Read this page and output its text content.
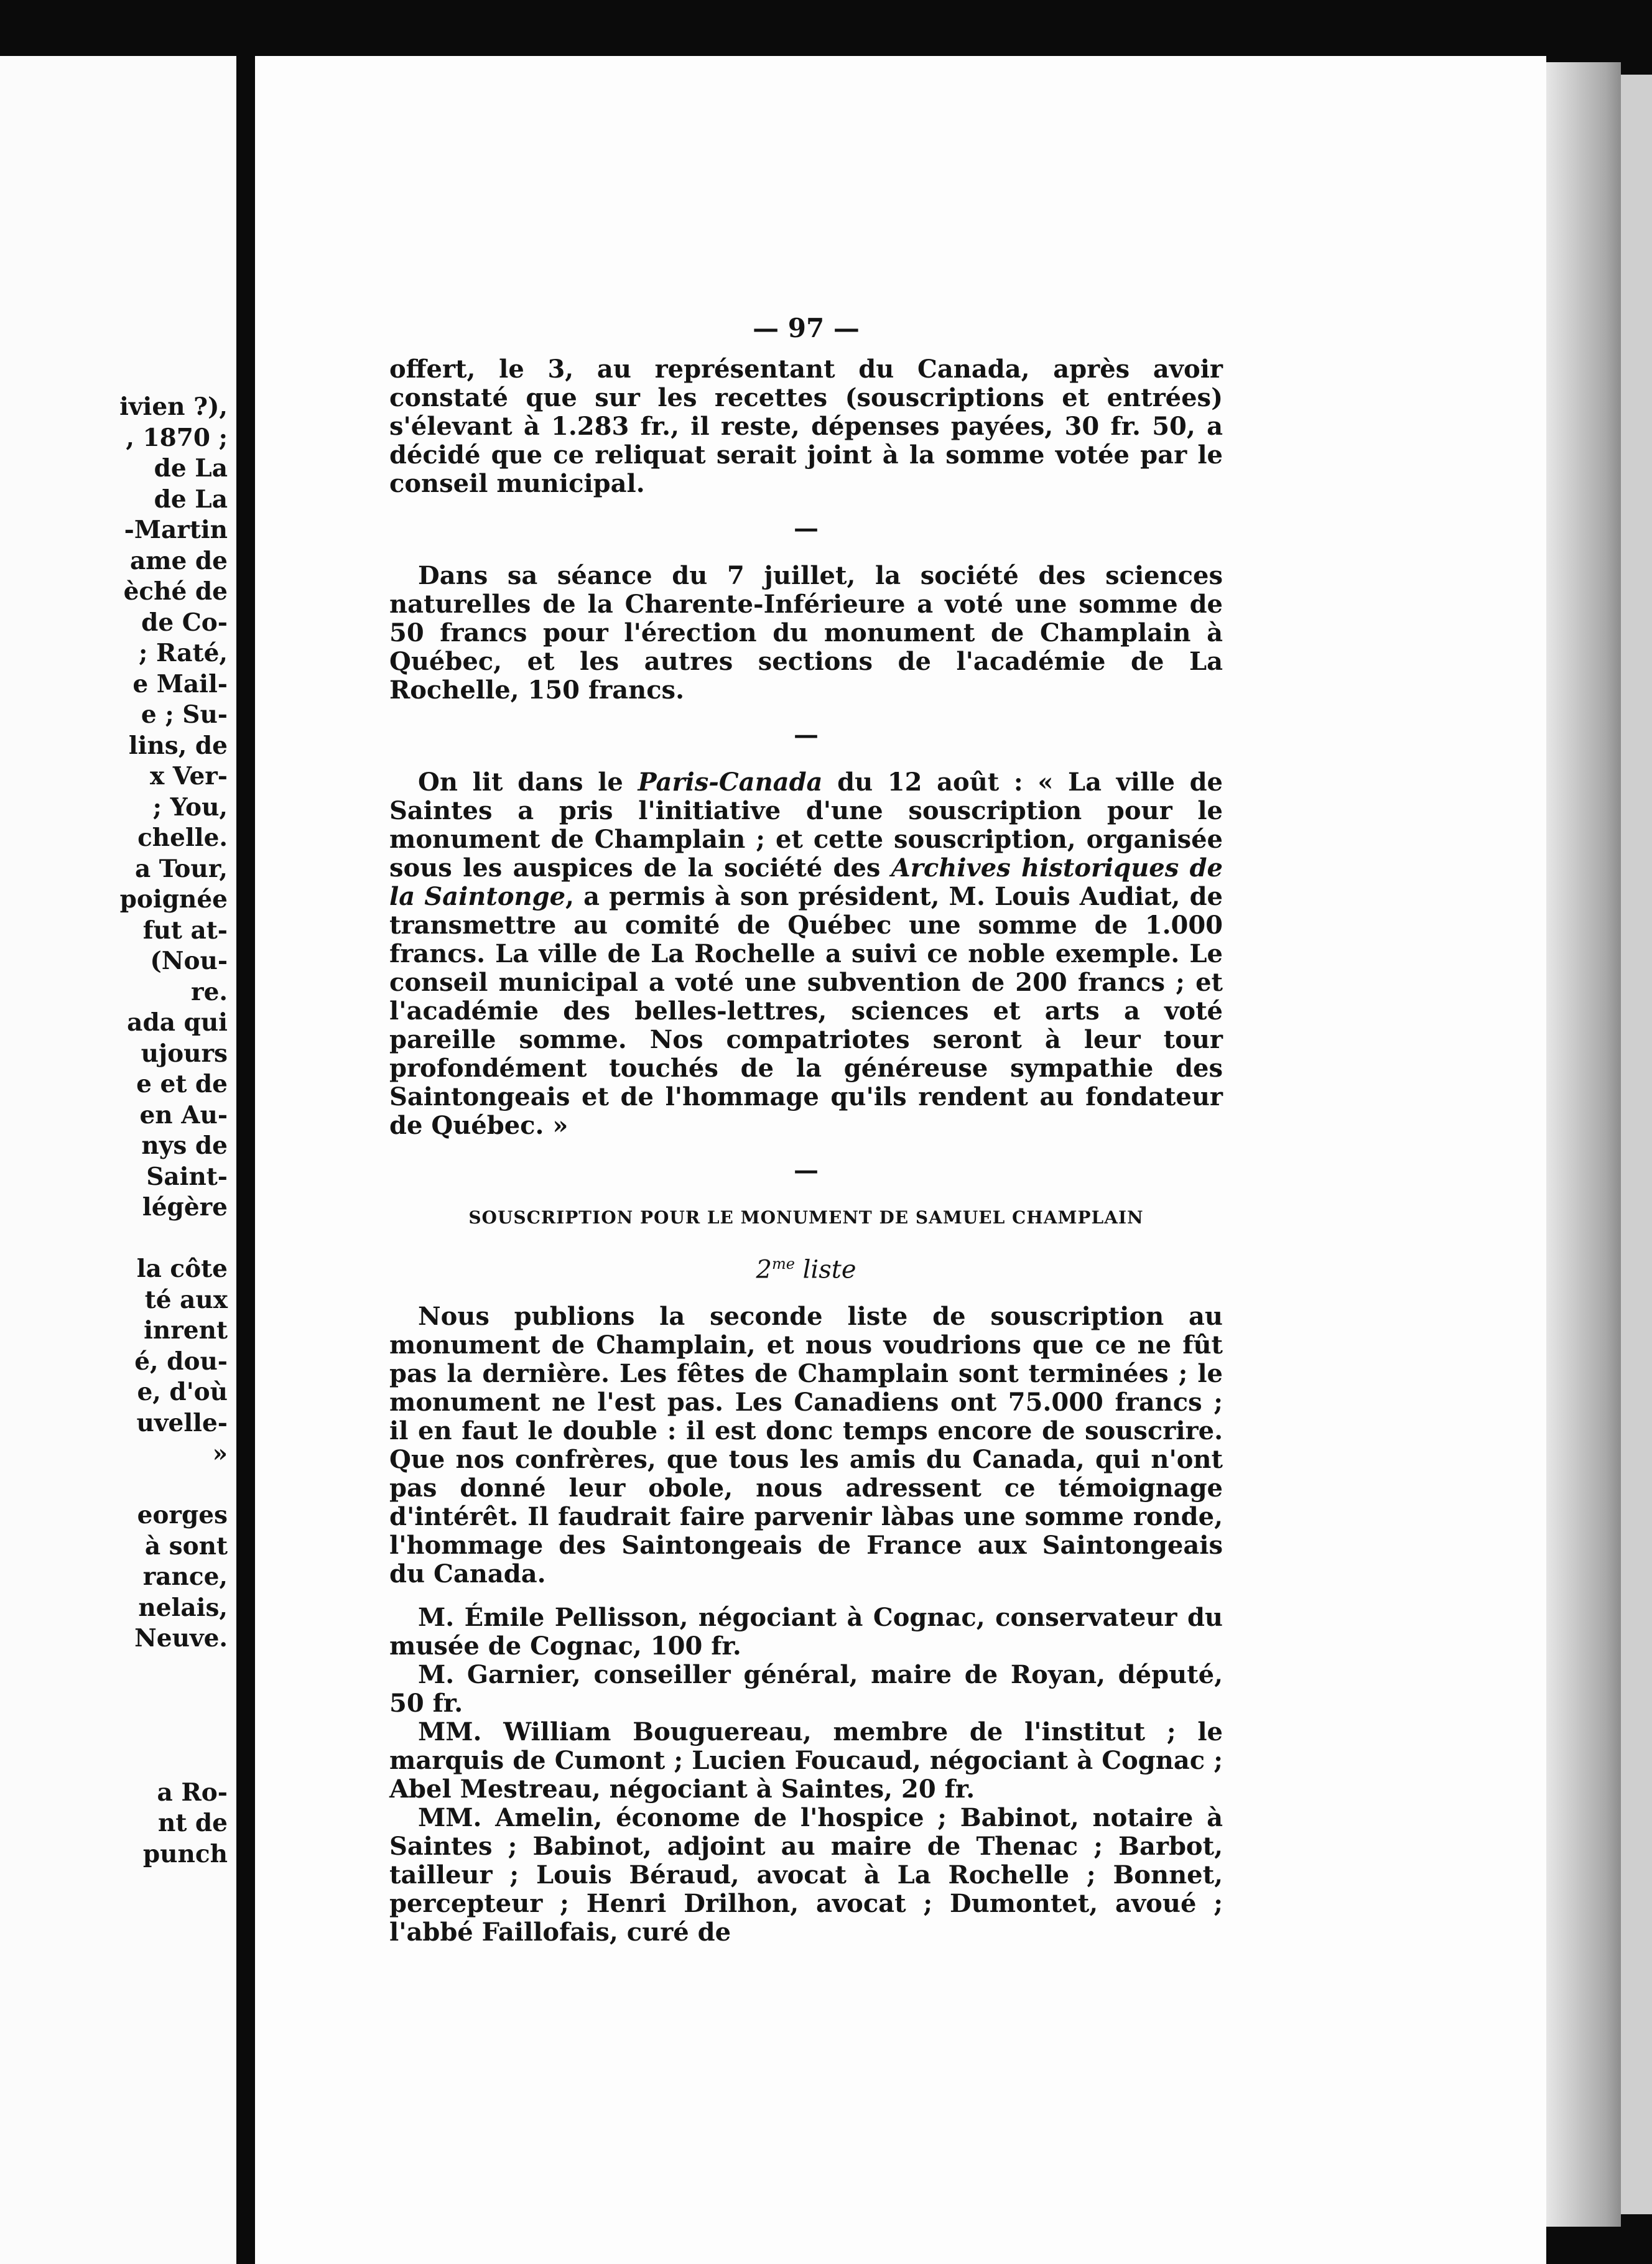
ivien ?),
, 1870 ;
de La
de La
-Martin
ame de
èché de
de Co-
; Raté,
e Mail-
e ; Su-
lins, de
x Ver-
; You,
chelle.
a Tour,
poignée
fut at-
(Nou-
re.
ada qui
ujours
e et de
en Au-
nys de
Saint-
légère
la côte
té aux
inrent
é, dou-
e, d'où
uvelle-
»
eorges
à sont
rance,
nelais,
Neuve.
a Ro-
nt de
punch
— 97 —

offert, le 3, au représentant du Canada, après avoir constaté que sur les recettes (souscriptions et entrées) s'élevant à 1.283 fr., il reste, dépenses payées, 30 fr. 50, a décidé que ce reliquat serait joint à la somme votée par le conseil municipal.

—

Dans sa séance du 7 juillet, la société des sciences naturelles de la Charente-Inférieure a voté une somme de 50 francs pour l'érection du monument de Champlain à Québec, et les autres sections de l'académie de La Rochelle, 150 francs.

—

On lit dans le Paris-Canada du 12 août : « La ville de Saintes a pris l'initiative d'une souscription pour le monument de Champlain ; et cette souscription, organisée sous les auspices de la société des Archives historiques de la Saintonge, a permis à son président, M. Louis Audiat, de transmettre au comité de Québec une somme de 1.000 francs. La ville de La Rochelle a suivi ce noble exemple. Le conseil municipal a voté une subvention de 200 francs ; et l'académie des belles-lettres, sciences et arts a voté pareille somme. Nos compatriotes seront à leur tour profondément touchés de la généreuse sympathie des Saintongeais et de l'hommage qu'ils rendent au fondateur de Québec. »

—
SOUSCRIPTION POUR LE MONUMENT DE SAMUEL CHAMPLAIN
$2^{me}$ liste

Nous publions la seconde liste de souscription au monument de Champlain, et nous voudrions que ce ne fût pas la dernière. Les fêtes de Champlain sont terminées ; le monument ne l'est pas. Les Canadiens ont 75.000 francs ; il en faut le double : il est donc temps encore de souscrire. Que nos confrères, que tous les amis du Canada, qui n'ont pas donné leur obole, nous adressent ce témoignage d'intérêt. Il faudrait faire parvenir làbas une somme ronde, l'hommage des Saintongeais de France aux Saintongeais du Canada.

M. Émile Pellisson, négociant à Cognac, conservateur du musée de Cognac, 100 fr.

M. Garnier, conseiller général, maire de Royan, député, 50 fr.

MM. William Bouguereau, membre de l'institut ; le marquis de Cumont ; Lucien Foucaud, négociant à Cognac ; Abel Mestreau, négociant à Saintes, 20 fr.

MM. Amelin, économe de l'hospice ; Babinot, notaire à Saintes ; Babinot, adjoint au maire de Thenac ; Barbot, tailleur ; Louis Béraud, avocat à La Rochelle ; Bonnet, percepteur ; Henri Drilhon, avocat ; Dumontet, avoué ; l'abbé Faillofais, curé de
